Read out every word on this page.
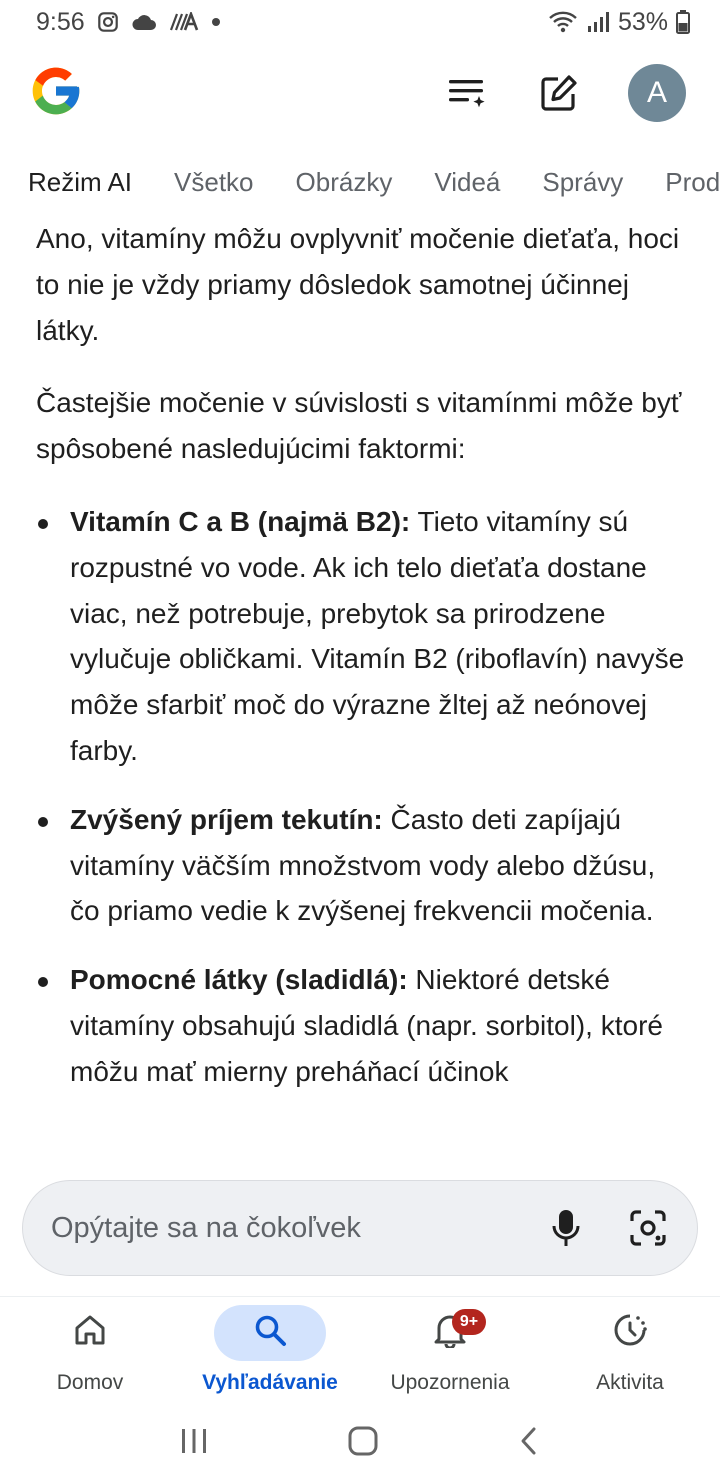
9:56	53%
A
Režim AI Všetko Obrázky Videá Správy Prod

Ano, vitamíny môžu ovplyvniť močenie dieťaťa, hoci to nie je vždy priamy dôsledok samotnej účinnej látky.

Častejšie močenie v súvislosti s vitamínmi môže byť spôsobené nasledujúcimi faktormi:

Vitamín C a B (najmä B2): Tieto vitamíny sú rozpustné vo vode. Ak ich telo dieťaťa dostane viac, než potrebuje, prebytok sa prirodzene vylučuje obličkami. Vitamín B2 (riboflavín) navyše môže sfarbiť moč do výrazne žltej až neónovej farby.
Zvýšený príjem tekutín: Často deti zapíjajú vitamíny väčším množstvom vody alebo džúsu, čo priamo vedie k zvýšenej frekvencii močenia.
Pomocné látky (sladidlá): Niektoré detské vitamíny obsahujú sladidlá (napr. sorbitol), ktoré môžu mať mierny preháňací účinok
Opýtajte sa na čokoľvek
Domov	Vyhľadávanie
9+
Upozornenia	Aktivita
